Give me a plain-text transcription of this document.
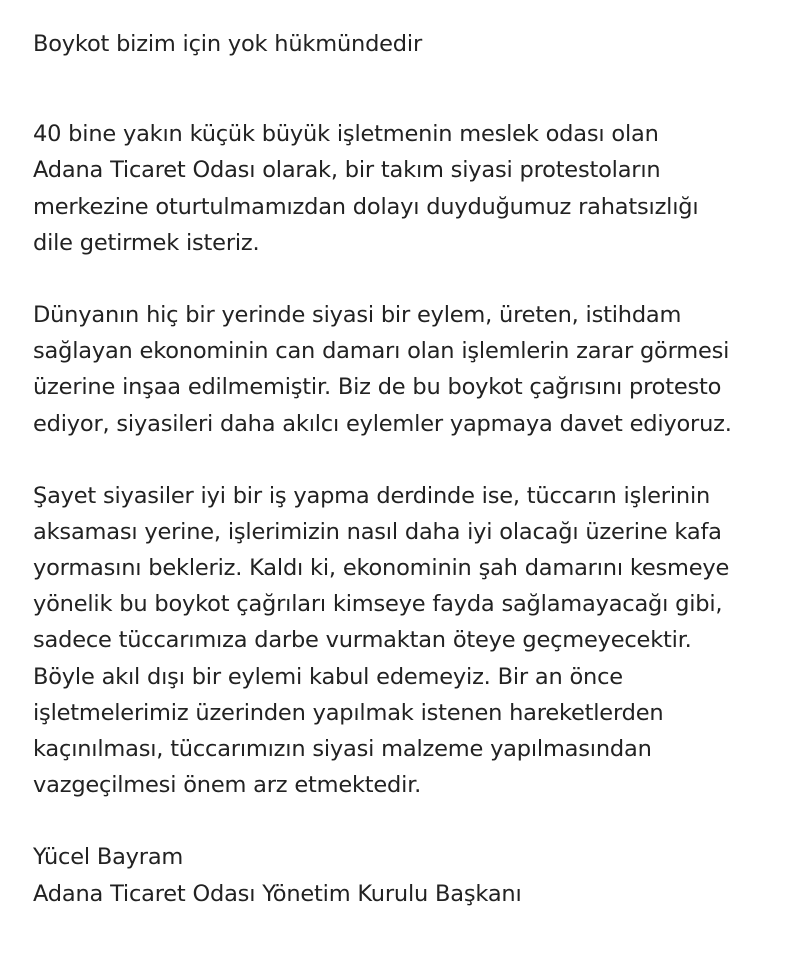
Boykot bizim için yok hükmündedir
40 bine yakın küçük büyük işletmenin meslek odası olan
Adana Ticaret Odası olarak, bir takım siyasi protestoların
merkezine oturtulmamızdan dolayı duyduğumuz rahatsızlığı
dile getirmek isteriz.
Dünyanın hiç bir yerinde siyasi bir eylem, üreten, istihdam
sağlayan ekonominin can damarı olan işlemlerin zarar görmesi
üzerine inşaa edilmemiştir. Biz de bu boykot çağrısını protesto
ediyor, siyasileri daha akılcı eylemler yapmaya davet ediyoruz.
Şayet siyasiler iyi bir iş yapma derdinde ise, tüccarın işlerinin
aksaması yerine, işlerimizin nasıl daha iyi olacağı üzerine kafa
yormasını bekleriz. Kaldı ki, ekonominin şah damarını kesmeye
yönelik bu boykot çağrıları kimseye fayda sağlamayacağı gibi,
sadece tüccarımıza darbe vurmaktan öteye geçmeyecektir.
Böyle akıl dışı bir eylemi kabul edemeyiz. Bir an önce
işletmelerimiz üzerinden yapılmak istenen hareketlerden
kaçınılması, tüccarımızın siyasi malzeme yapılmasından
vazgeçilmesi önem arz etmektedir.
Yücel Bayram
Adana Ticaret Odası Yönetim Kurulu Başkanı
